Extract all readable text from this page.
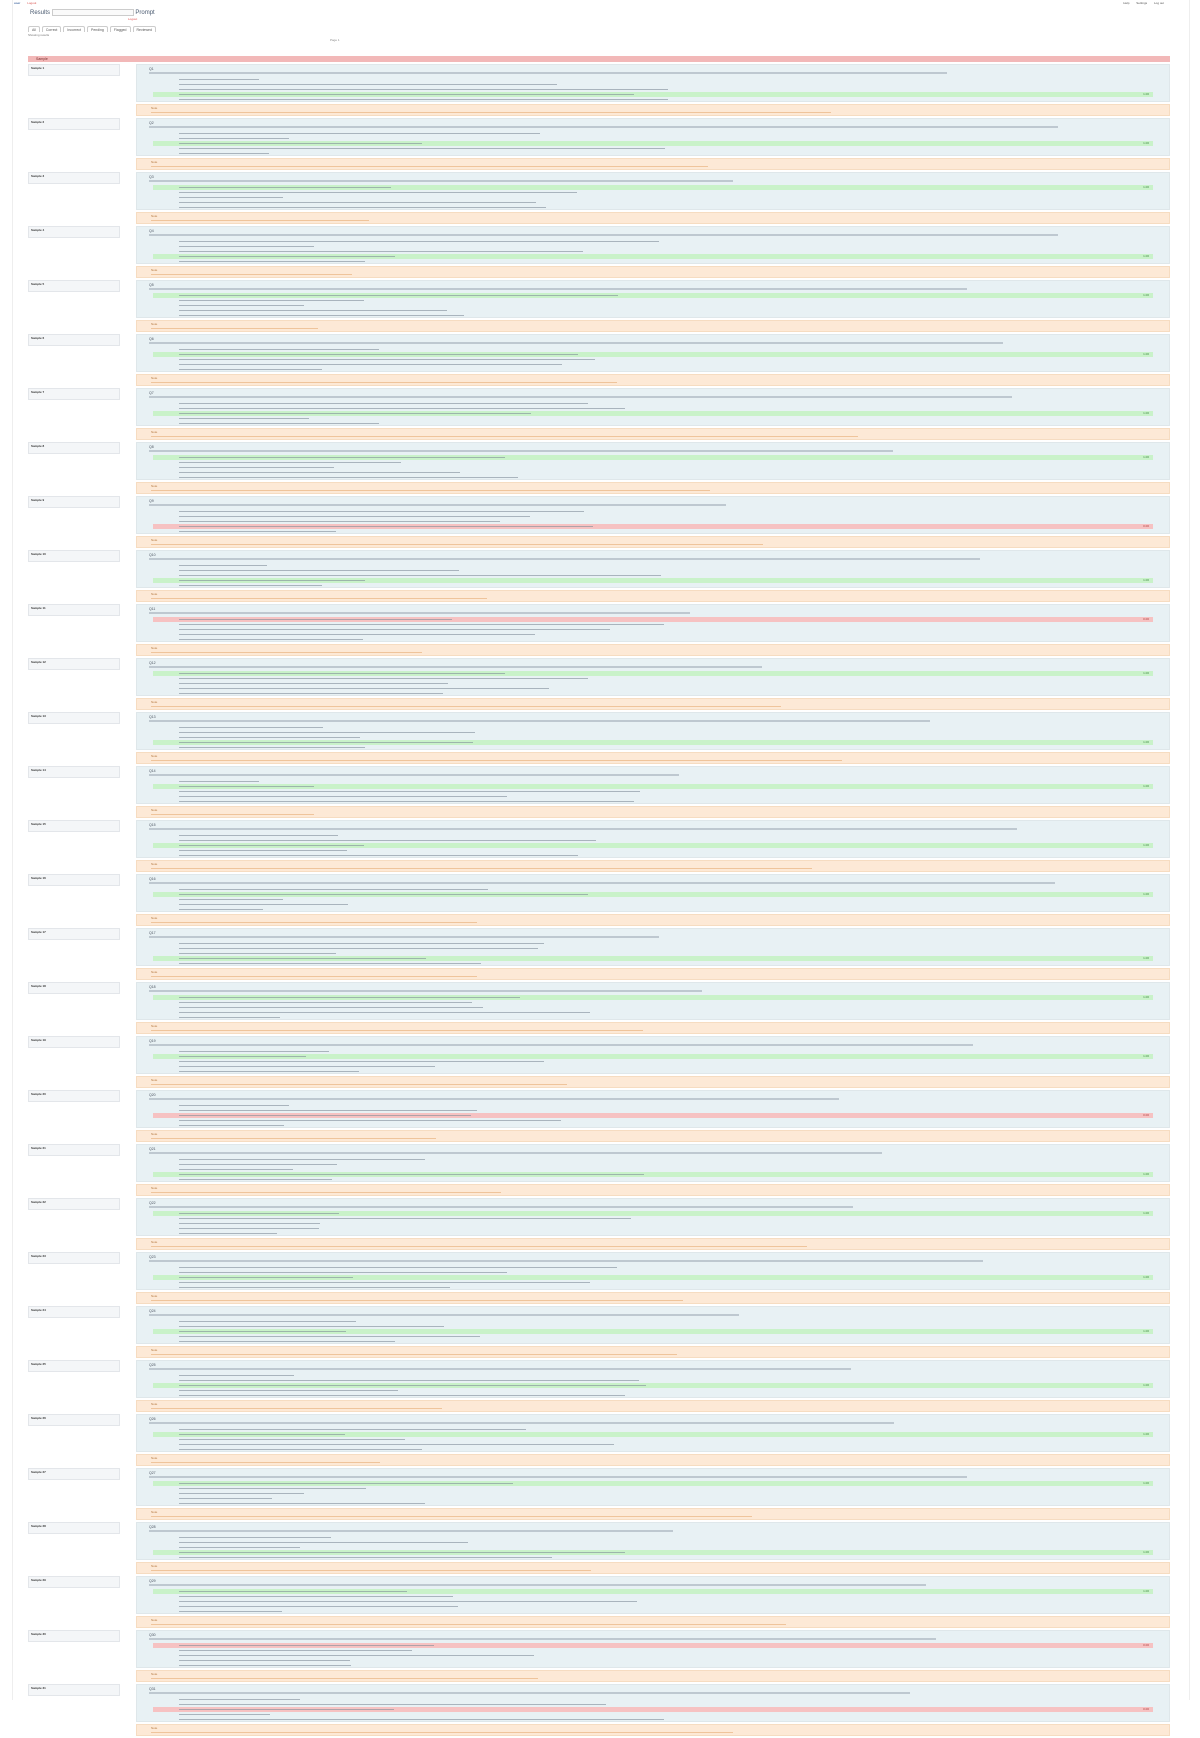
user Logout	Help Settings Log out
Results	Prompt
Logout
All	Correct	Incorrect	Pending	Flagged	Reviewed
Showing results
Page 1
Sample
Sample 1	Q1
1.00
Note
Sample 2	Q2
1.00
Note
Sample 3	Q3
1.00
Note
Sample 4	Q4
1.00
Note
Sample 5	Q5
1.00
Note
Sample 6	Q6
1.00
Note
Sample 7	Q7
1.00
Note
Sample 8	Q8
1.00
Note
Sample 9	Q9
0.00
Note
Sample 10	Q10
1.00
Note
Sample 11	Q11
0.00
Note
Sample 12	Q12
1.00
Note
Sample 13	Q13
1.00
Note
Sample 14	Q14
1.00
Note
Sample 15	Q15
1.00
Note
Sample 16	Q16
1.00
Note
Sample 17	Q17
1.00
Note
Sample 18	Q18
1.00
Note
Sample 19	Q19
1.00
Note
Sample 20	Q20
0.00
Note
Sample 21	Q21
1.00
Note
Sample 22	Q22
1.00
Note
Sample 23	Q23
1.00
Note
Sample 24	Q24
1.00
Note
Sample 25	Q25
1.00
Note
Sample 26	Q26
1.00
Note
Sample 27	Q27
1.00
Note
Sample 28	Q28
1.00
Note
Sample 29	Q29
1.00
Note
Sample 30	Q30
0.00
Note
Sample 31	Q31
0.00
Note
